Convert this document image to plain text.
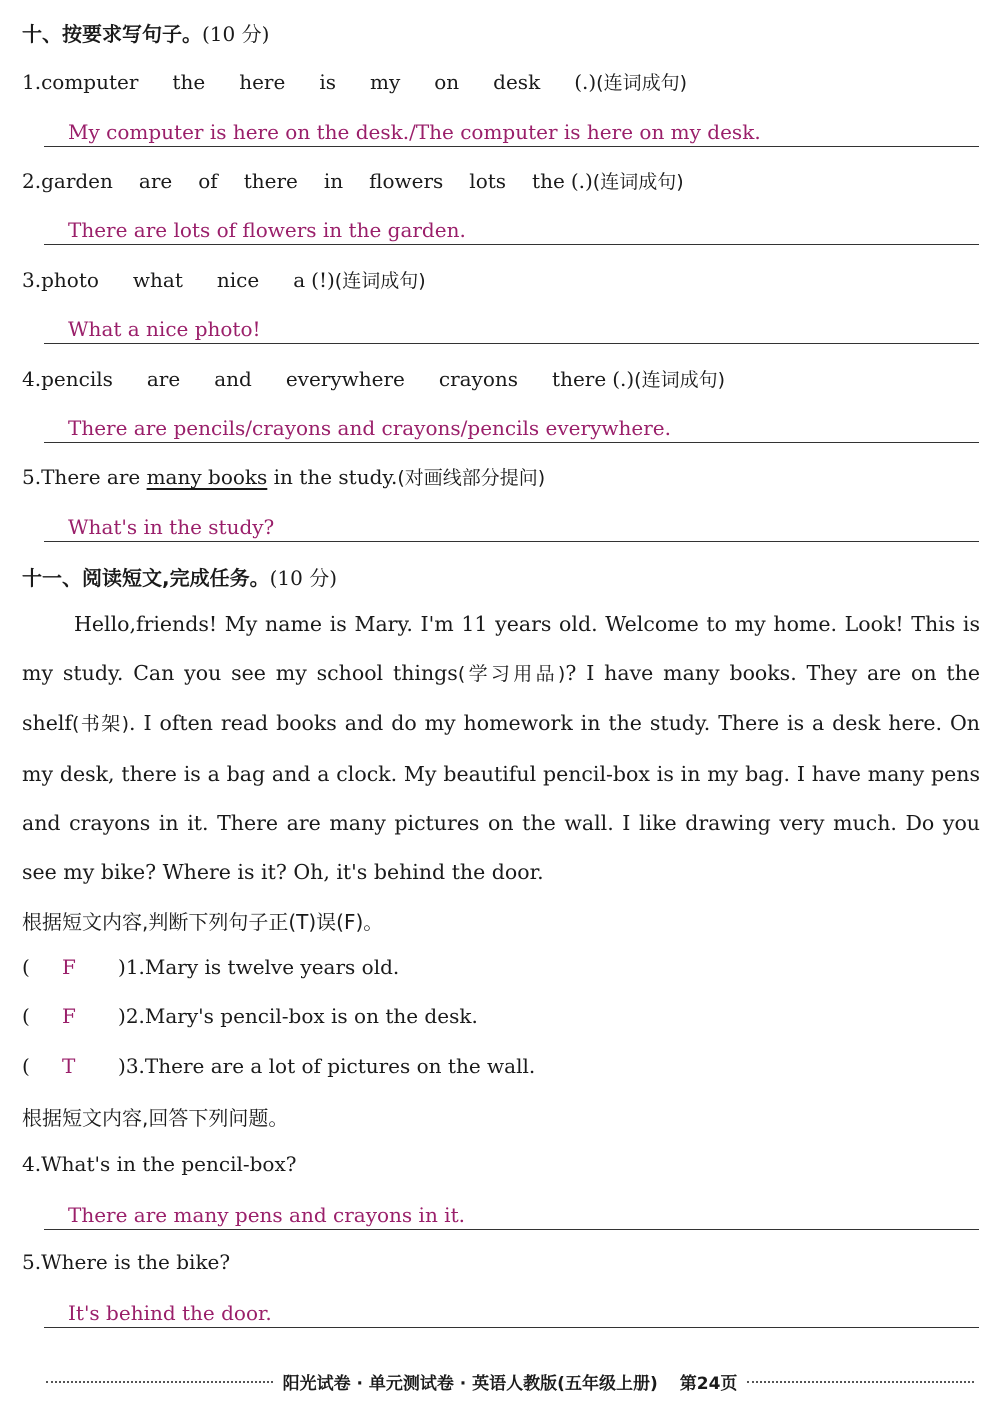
十、按要求写句子。(10 分)
1. computer the here is my on desk (.) (连词成句)
My computer is here on the desk./The computer is here on my desk.
2. garden are of there in flowers lots the (.) (连词成句)
There are lots of flowers in the garden.
3. photo what nice a (!) (连词成句)
What a nice photo!
4. pencils are and everywhere crayons there (.) (连词成句)
There are pencils/crayons and crayons/pencils everywhere.
5. There are many books in the study. (对画线部分提问)
What's in the study?
十一、阅读短文,完成任务。(10 分)
Hello,friends! My name is Mary. I'm 11 years old. Welcome to my home. Look! This is my study. Can you see my school things(学习用品)? I have many books. They are on the shelf(书架). I often read books and do my homework in the study. There is a desk here. On my desk, there is a bag and a clock. My beautiful pencil-box is in my bag. I have many pens and crayons in it. There are many pictures on the wall. I like drawing very much. Do you see my bike? Where is it? Oh, it's behind the door.
根据短文内容,判断下列句子正(T)误(F)。
( F )1.Mary is twelve years old.
( F )2.Mary's pencil-box is on the desk.
( T )3.There are a lot of pictures on the wall.
根据短文内容,回答下列问题。
4.What's in the pencil-box?
There are many pens and crayons in it.
5.Where is the bike?
It's behind the door.
阳光试卷 · 单元测试卷 · 英语人教版(五年级上册) 第24页
